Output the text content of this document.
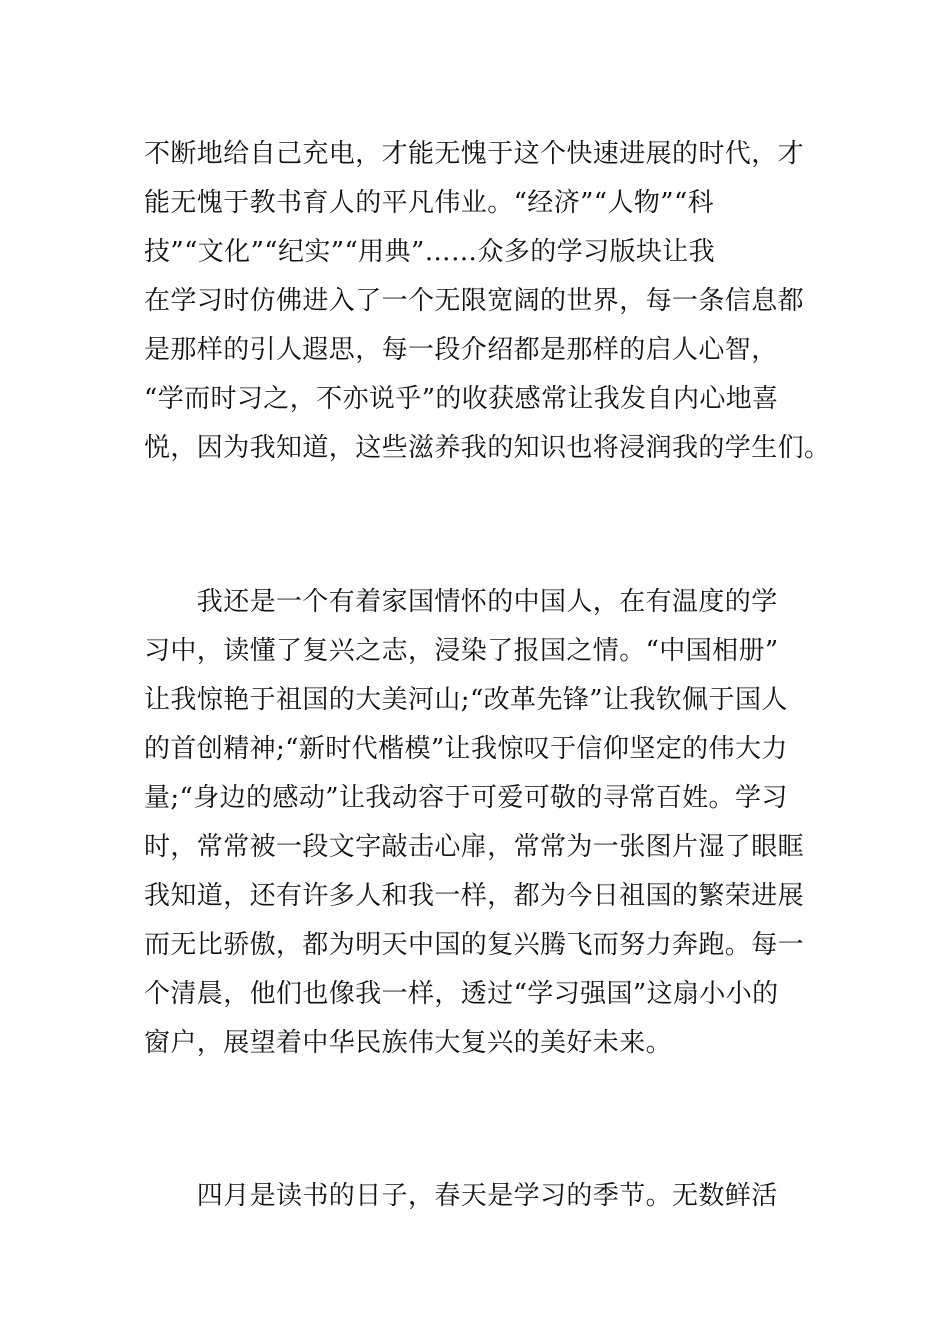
不断地给自己充电，才能无愧于这个快速进展的时代，才
能无愧于教书育人的平凡伟业。“经济”“人物”“科
技”“文化”“纪实”“用典”……众多的学习版块让我
在学习时仿佛进入了一个无限宽阔的世界，每一条信息都
是那样的引人遐思，每一段介绍都是那样的启人心智，
“学而时习之，不亦说乎”的收获感常让我发自内心地喜
悦，因为我知道，这些滋养我的知识也将浸润我的学生们。
　　我还是一个有着家国情怀的中国人，在有温度的学
习中，读懂了复兴之志，浸染了报国之情。“中国相册”
让我惊艳于祖国的大美河山;“改革先锋”让我钦佩于国人
的首创精神;“新时代楷模”让我惊叹于信仰坚定的伟大力
量;“身边的感动”让我动容于可爱可敬的寻常百姓。学习
时，常常被一段文字敲击心扉，常常为一张图片湿了眼眶
我知道，还有许多人和我一样，都为今日祖国的繁荣进展
而无比骄傲，都为明天中国的复兴腾飞而努力奔跑。每一
个清晨，他们也像我一样，透过“学习强国”这扇小小的
窗户，展望着中华民族伟大复兴的美好未来。
　　四月是读书的日子，春天是学习的季节。无数鲜活
